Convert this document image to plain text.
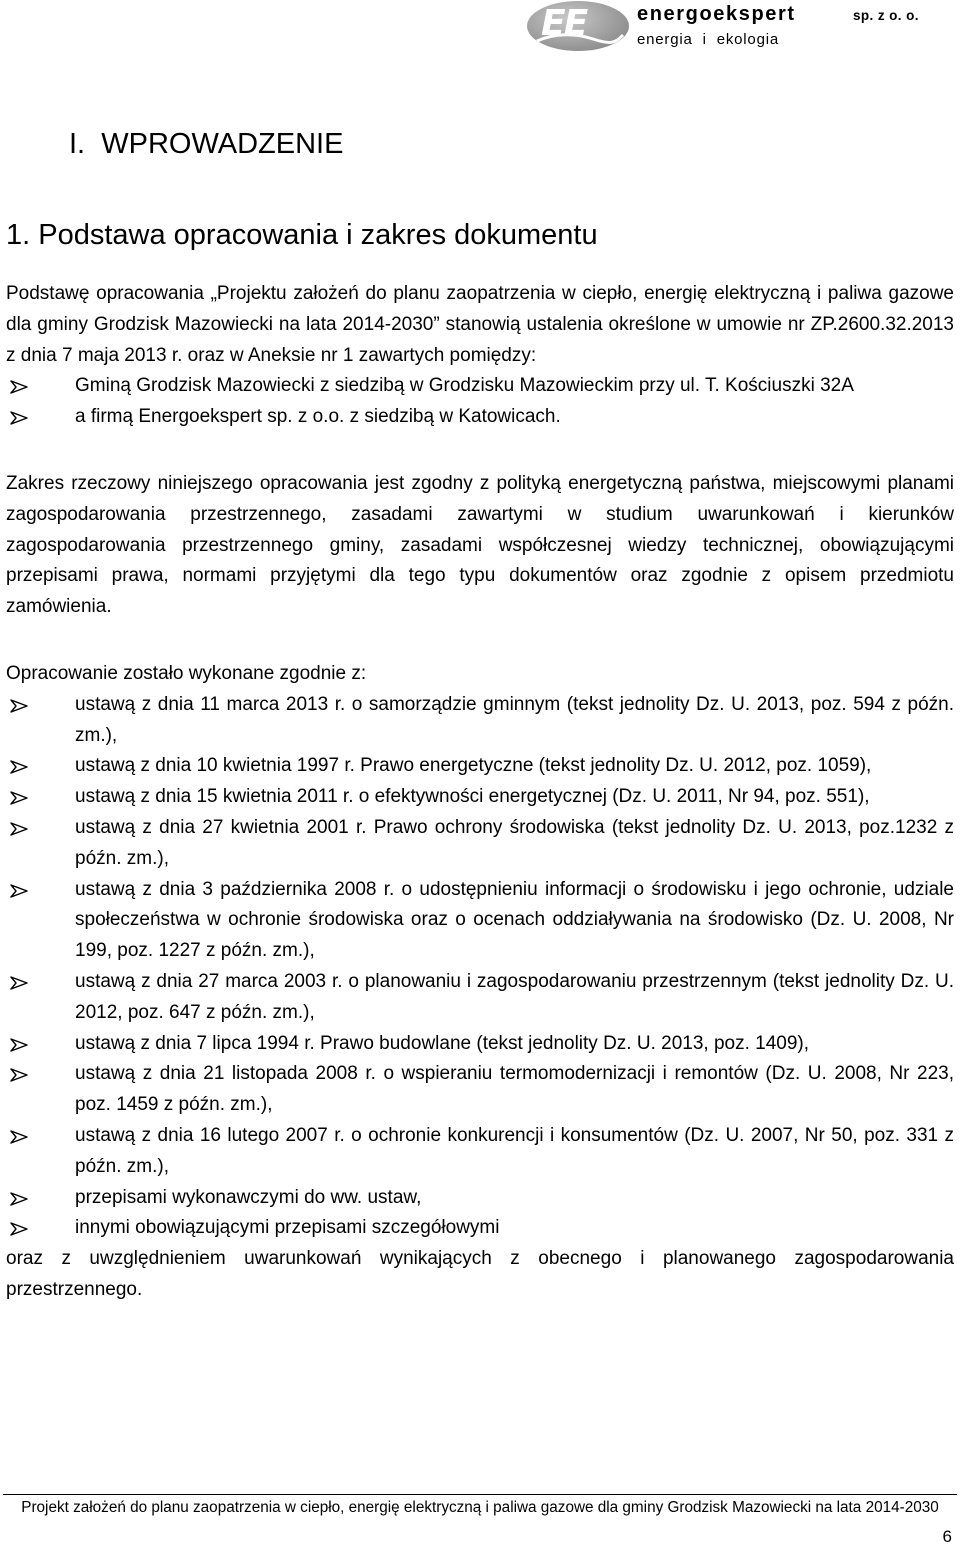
EE	energoekspert
energia i ekologia
sp. z o. o.
I.  WPROWADZENIE
1. Podstawa opracowania i zakres dokumentu

Podstawę opracowania „Projektu założeń do planu zaopatrzenia w ciepło, energię elektryczną i paliwa gazowe dla gminy Grodzisk Mazowiecki na lata 2014-2030” stanowią ustalenia określone w umowie nr ZP.2600.32.2013 z dnia 7 maja 2013 r. oraz w Aneksie nr 1 zawartych pomiędzy:

Gminą Grodzisk Mazowiecki z siedzibą w Grodzisku Mazowieckim przy ul. T. Kościuszki 32A
a firmą Energoekspert sp. z o.o. z siedzibą w Katowicach.

Zakres rzeczowy niniejszego opracowania jest zgodny z polityką energetyczną państwa, miejscowymi planami zagospodarowania przestrzennego, zasadami zawartymi w studium uwarunkowań i kierunków zagospodarowania przestrzennego gminy, zasadami współczesnej wiedzy technicznej, obowiązującymi przepisami prawa, normami przyjętymi dla tego typu dokumentów oraz zgodnie z opisem przedmiotu zamówienia.

Opracowanie zostało wykonane zgodnie z:

ustawą z dnia 11 marca 2013 r. o samorządzie gminnym (tekst jednolity Dz. U. 2013, poz. 594 z późn. zm.),
ustawą z dnia 10 kwietnia 1997 r. Prawo energetyczne (tekst jednolity Dz. U. 2012, poz. 1059),
ustawą z dnia 15 kwietnia 2011 r. o efektywności energetycznej (Dz. U. 2011, Nr 94, poz. 551),
ustawą z dnia 27 kwietnia 2001 r. Prawo ochrony środowiska (tekst jednolity Dz. U. 2013, poz.1232 z późn. zm.),
ustawą z dnia 3 października 2008 r. o udostępnieniu informacji o środowisku i jego ochronie, udziale społeczeństwa w ochronie środowiska oraz o ocenach oddziaływania na środowisko (Dz. U. 2008, Nr 199, poz. 1227 z późn. zm.),
ustawą z dnia 27 marca 2003 r. o planowaniu i zagospodarowaniu przestrzennym (tekst jednolity Dz. U. 2012, poz. 647 z późn. zm.),
ustawą z dnia 7 lipca 1994 r. Prawo budowlane (tekst jednolity Dz. U. 2013, poz. 1409),
ustawą z dnia 21 listopada 2008 r. o wspieraniu termomodernizacji i remontów (Dz. U. 2008, Nr 223, poz. 1459 z późn. zm.),
ustawą z dnia 16 lutego 2007 r. o ochronie konkurencji i konsumentów (Dz. U. 2007, Nr 50, poz. 331 z późn. zm.),
przepisami wykonawczymi do ww. ustaw,
innymi obowiązującymi przepisami szczegółowymi

oraz z uwzględnieniem uwarunkowań wynikających z obecnego i planowanego zagospodarowania przestrzennego.

Projekt założeń do planu zaopatrzenia w ciepło, energię elektryczną i paliwa gazowe dla gminy Grodzisk Mazowiecki na lata 2014-2030
6
